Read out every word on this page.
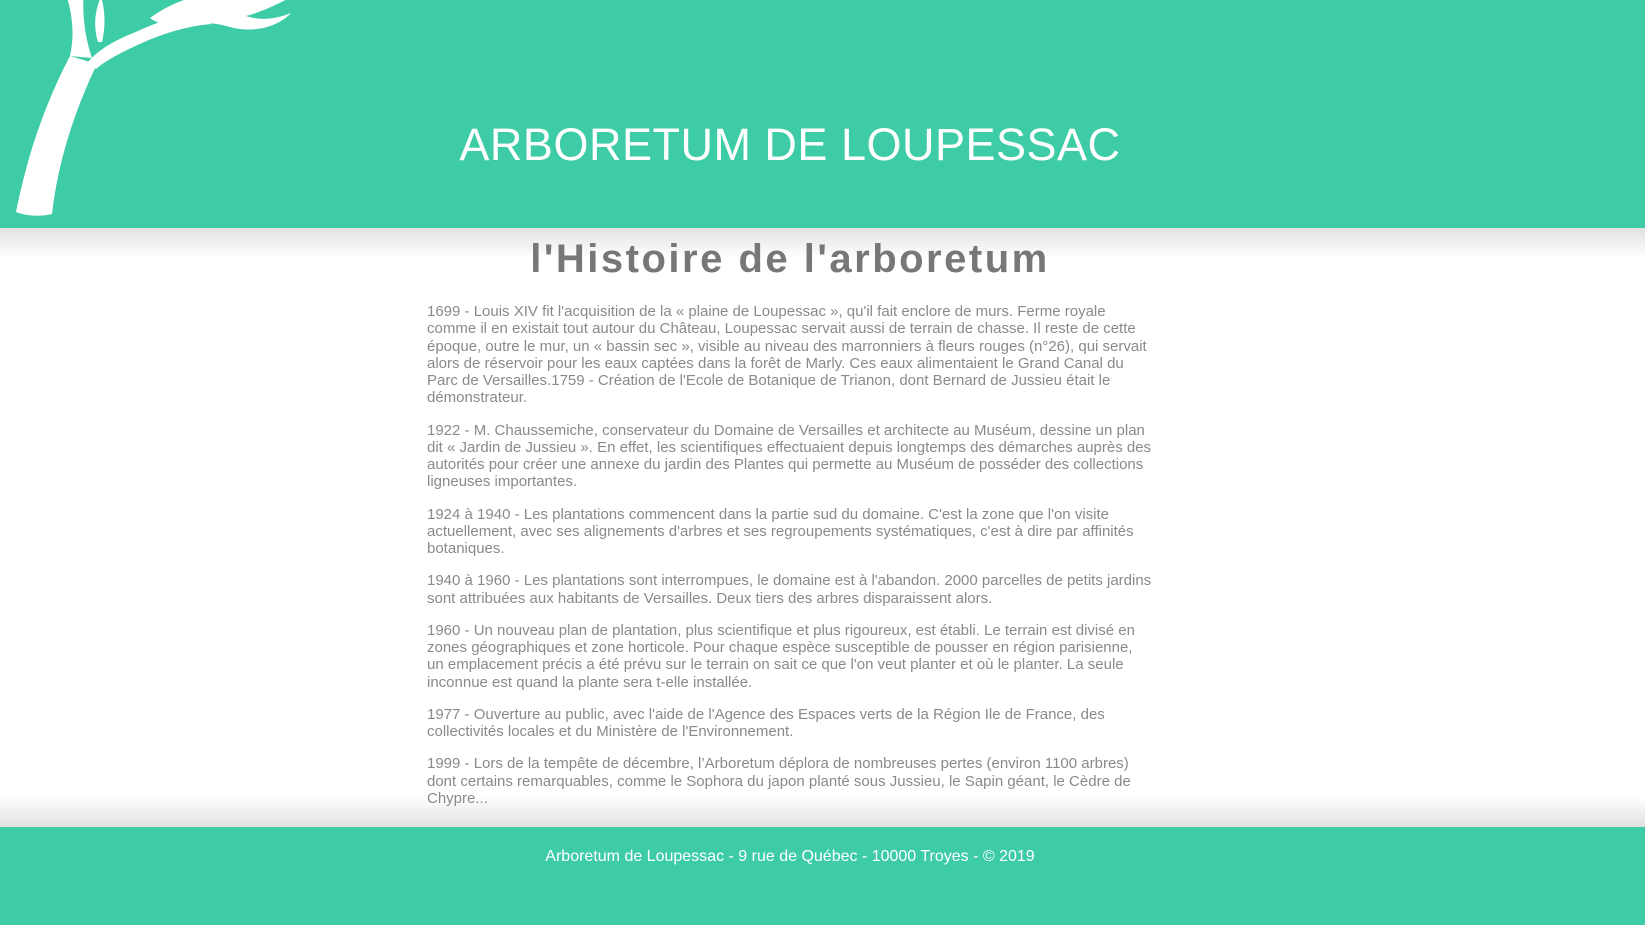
ARBORETUM DE LOUPESSAC
l'Histoire de l'arboretum

1699 - Louis XIV fit l'acquisition de la « plaine de Loupessac », qu'il fait enclore de murs. Ferme royale comme il en existait tout autour du Château, Loupessac servait aussi de terrain de chasse. Il reste de cette époque, outre le mur, un « bassin sec », visible au niveau des marronniers à fleurs rouges (n°26), qui servait alors de réservoir pour les eaux captées dans la forêt de Marly. Ces eaux alimentaient le Grand Canal du Parc de Versailles.1759 - Création de l'Ecole de Botanique de Trianon, dont Bernard de Jussieu était le démonstrateur.

1922 - M. Chaussemiche, conservateur du Domaine de Versailles et architecte au Muséum, dessine un plan dit « Jardin de Jussieu ». En effet, les scientifiques effectuaient depuis longtemps des démarches auprès des autorités pour créer une annexe du jardin des Plantes qui permette au Muséum de posséder des collections ligneuses importantes.

1924 à 1940 - Les plantations commencent dans la partie sud du domaine. C'est la zone que l'on visite actuellement, avec ses alignements d'arbres et ses regroupements systématiques, c'est à dire par affinités botaniques.

1940 à 1960 - Les plantations sont interrompues, le domaine est à l'abandon. 2000 parcelles de petits jardins sont attribuées aux habitants de Versailles. Deux tiers des arbres disparaissent alors.

1960 - Un nouveau plan de plantation, plus scientifique et plus rigoureux, est établi. Le terrain est divisé en zones géographiques et zone horticole. Pour chaque espèce susceptible de pousser en région parisienne, un emplacement précis a été prévu sur le terrain on sait ce que l'on veut planter et où le planter. La seule inconnue est quand la plante sera t-elle installée.

1977 - Ouverture au public, avec l'aide de l'Agence des Espaces verts de la Région Ile de France, des collectivités locales et du Ministère de l'Environnement.

1999 - Lors de la tempête de décembre, l’Arboretum déplora de nombreuses pertes (environ 1100 arbres) dont certains remarquables, comme le Sophora du japon planté sous Jussieu, le Sapin géant, le Cèdre de Chypre...

Arboretum de Loupessac - 9 rue de Québec - 10000 Troyes - © 2019
